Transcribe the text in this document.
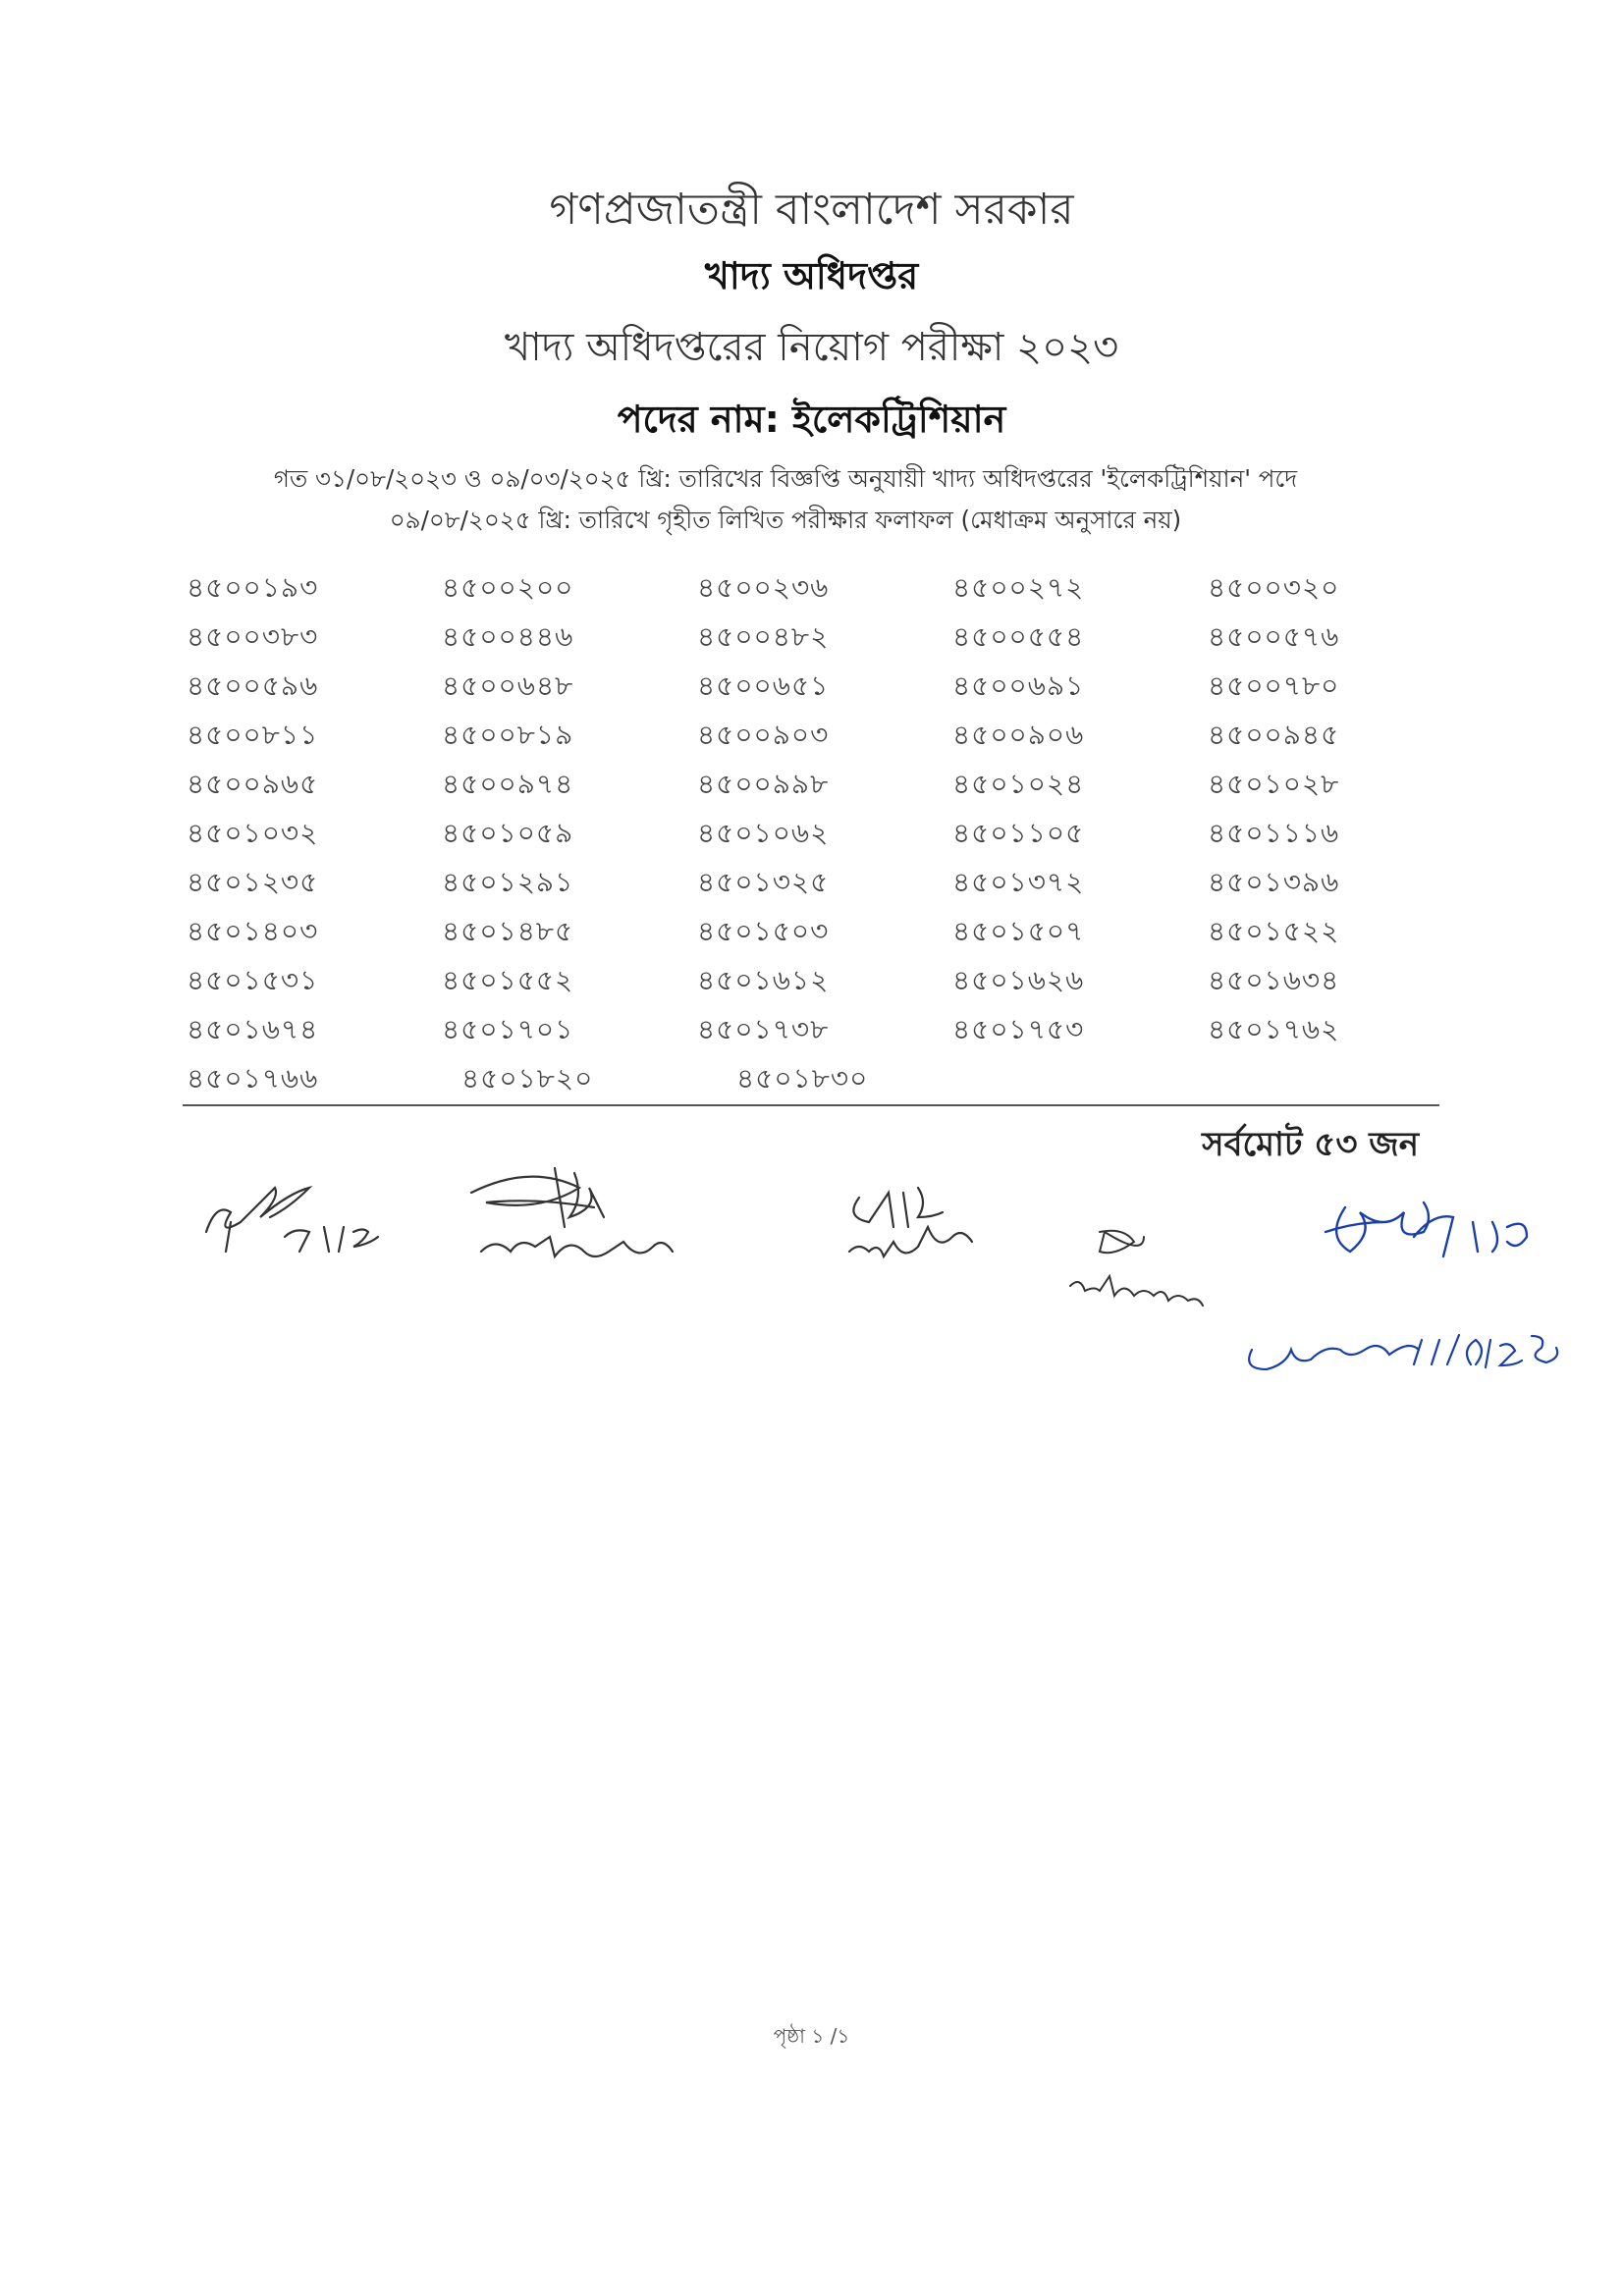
গণপ্রজাতন্ত্রী বাংলাদেশ সরকার
খাদ্য অধিদপ্তর
খাদ্য অধিদপ্তরের নিয়োগ পরীক্ষা ২০২৩
পদের নাম: ইলেকট্রিশিয়ান
গত ৩১/০৮/২০২৩ ও ০৯/০৩/২০২৫ খ্রি: তারিখের বিজ্ঞপ্তি অনুযায়ী খাদ্য অধিদপ্তরের 'ইলেকট্রিশিয়ান' পদে
০৯/০৮/২০২৫ খ্রি: তারিখে গৃহীত লিখিত পরীক্ষার ফলাফল (মেধাক্রম অনুসারে নয়)
৪৫০০১৯৩	৪৫০০২০০	৪৫০০২৩৬	৪৫০০২৭২	৪৫০০৩২০
৪৫০০৩৮৩	৪৫০০৪৪৬	৪৫০০৪৮২	৪৫০০৫৫৪	৪৫০০৫৭৬
৪৫০০৫৯৬	৪৫০০৬৪৮	৪৫০০৬৫১	৪৫০০৬৯১	৪৫০০৭৮০
৪৫০০৮১১	৪৫০০৮১৯	৪৫০০৯০৩	৪৫০০৯০৬	৪৫০০৯৪৫
৪৫০০৯৬৫	৪৫০০৯৭৪	৪৫০০৯৯৮	৪৫০১০২৪	৪৫০১০২৮
৪৫০১০৩২	৪৫০১০৫৯	৪৫০১০৬২	৪৫০১১০৫	৪৫০১১১৬
৪৫০১২৩৫	৪৫০১২৯১	৪৫০১৩২৫	৪৫০১৩৭২	৪৫০১৩৯৬
৪৫০১৪০৩	৪৫০১৪৮৫	৪৫০১৫০৩	৪৫০১৫০৭	৪৫০১৫২২
৪৫০১৫৩১	৪৫০১৫৫২	৪৫০১৬১২	৪৫০১৬২৬	৪৫০১৬৩৪
৪৫০১৬৭৪	৪৫০১৭০১	৪৫০১৭৩৮	৪৫০১৭৫৩	৪৫০১৭৬২
৪৫০১৭৬৬	৪৫০১৮২০	৪৫০১৮৩০
সর্বমোট ৫৩ জন
পৃষ্ঠা ১ /১
